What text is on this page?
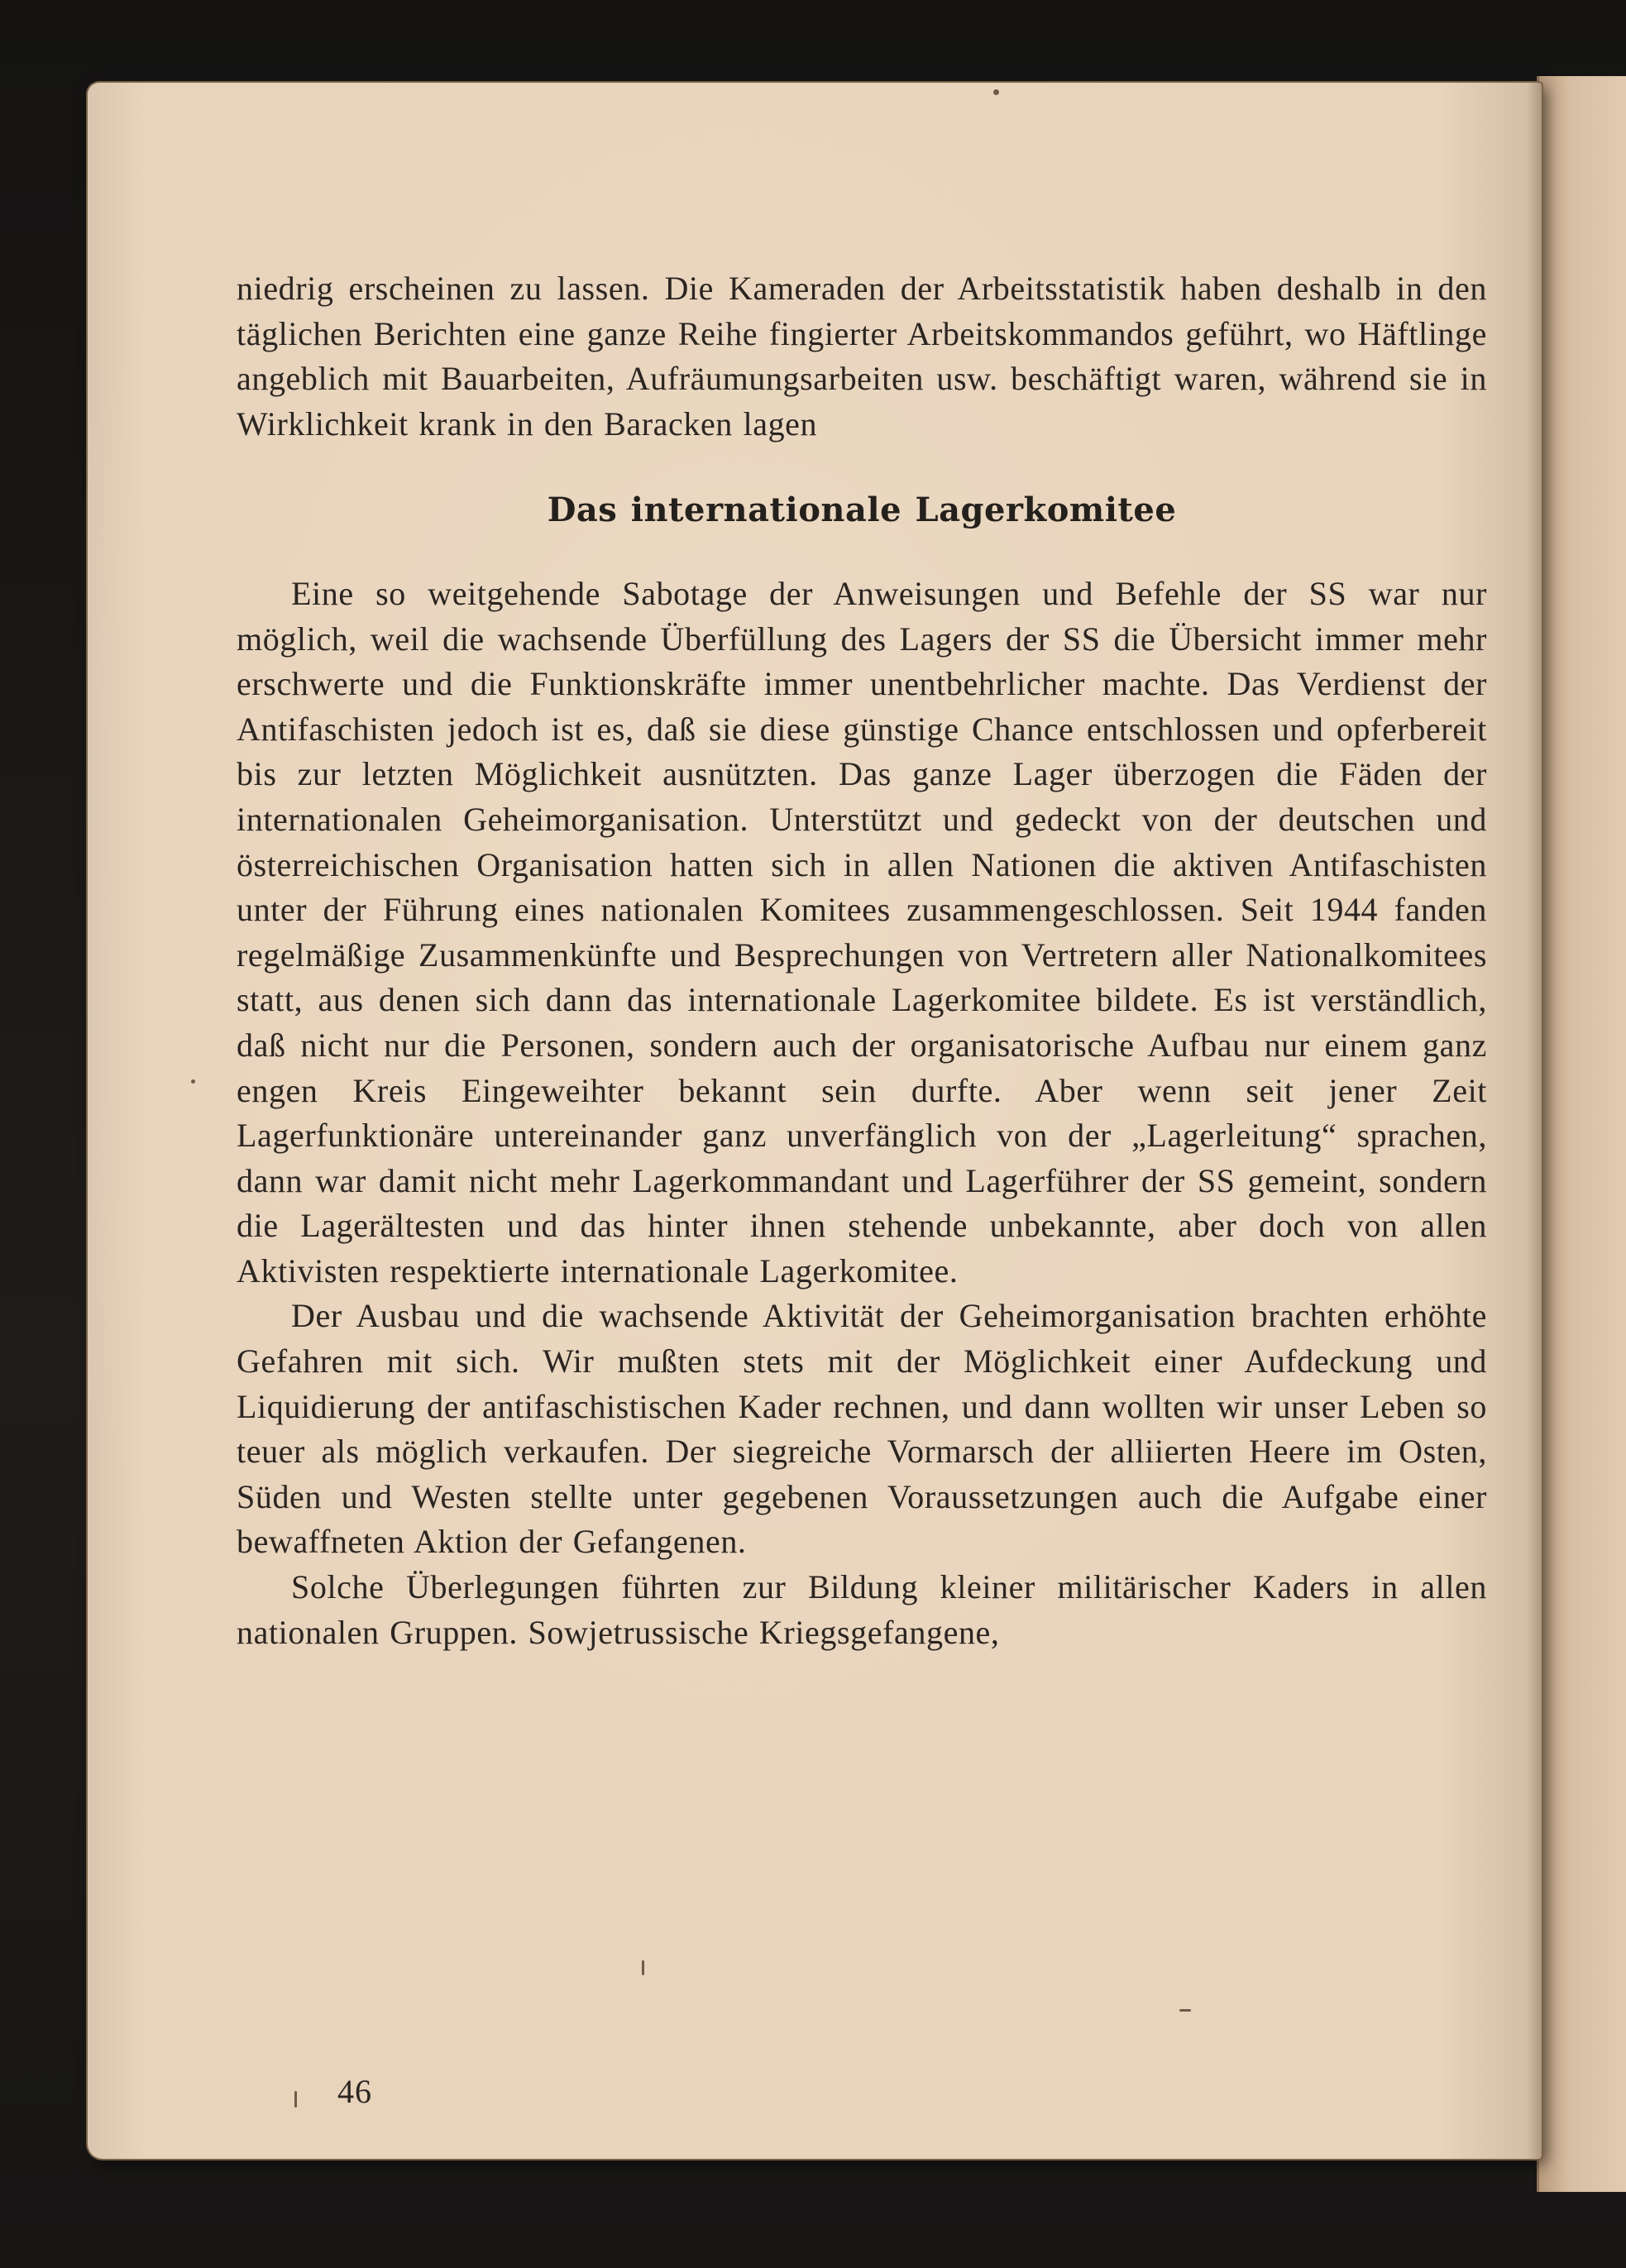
niedrig erscheinen zu lassen. Die Kameraden der Arbeitsstatistik haben deshalb in den täglichen Berichten eine ganze Reihe fingierter Arbeitskommandos geführt, wo Häftlinge angeblich mit Bauarbeiten, Aufräumungsarbeiten usw. beschäftigt waren, während sie in Wirklichkeit krank in den Baracken lagen

Das internationale Lagerkomitee

Eine so weitgehende Sabotage der Anweisungen und Befehle der SS war nur möglich, weil die wachsende Überfüllung des Lagers der SS die Übersicht immer mehr erschwerte und die Funktionskräfte immer unentbehrlicher machte. Das Verdienst der Antifaschisten jedoch ist es, daß sie diese günstige Chance entschlossen und opferbereit bis zur letzten Möglichkeit ausnützten. Das ganze Lager überzogen die Fäden der internationalen Geheimorganisation. Unterstützt und gedeckt von der deutschen und österreichischen Organisation hatten sich in allen Nationen die aktiven Antifaschisten unter der Führung eines nationalen Komitees zusammengeschlossen. Seit 1944 fanden regelmäßige Zusammenkünfte und Besprechungen von Vertretern aller Nationalkomitees statt, aus denen sich dann das internationale Lagerkomitee bildete. Es ist verständlich, daß nicht nur die Personen, sondern auch der organisatorische Aufbau nur einem ganz engen Kreis Eingeweihter bekannt sein durfte. Aber wenn seit jener Zeit Lagerfunktionäre untereinander ganz unverfänglich von der „Lagerleitung“ sprachen, dann war damit nicht mehr Lagerkommandant und Lagerführer der SS gemeint, sondern die Lagerältesten und das hinter ihnen stehende unbekannte, aber doch von allen Aktivisten respektierte internationale Lagerkomitee.

Der Ausbau und die wachsende Aktivität der Geheimorganisation brachten erhöhte Gefahren mit sich. Wir mußten stets mit der Möglichkeit einer Aufdeckung und Liquidierung der antifaschistischen Kader rechnen, und dann wollten wir unser Leben so teuer als möglich verkaufen. Der siegreiche Vormarsch der alliierten Heere im Osten, Süden und Westen stellte unter gegebenen Voraussetzungen auch die Aufgabe einer bewaffneten Aktion der Gefangenen.

Solche Überlegungen führten zur Bildung kleiner militärischer Kaders in allen nationalen Gruppen. Sowjetrussische Kriegsgefangene,

46
